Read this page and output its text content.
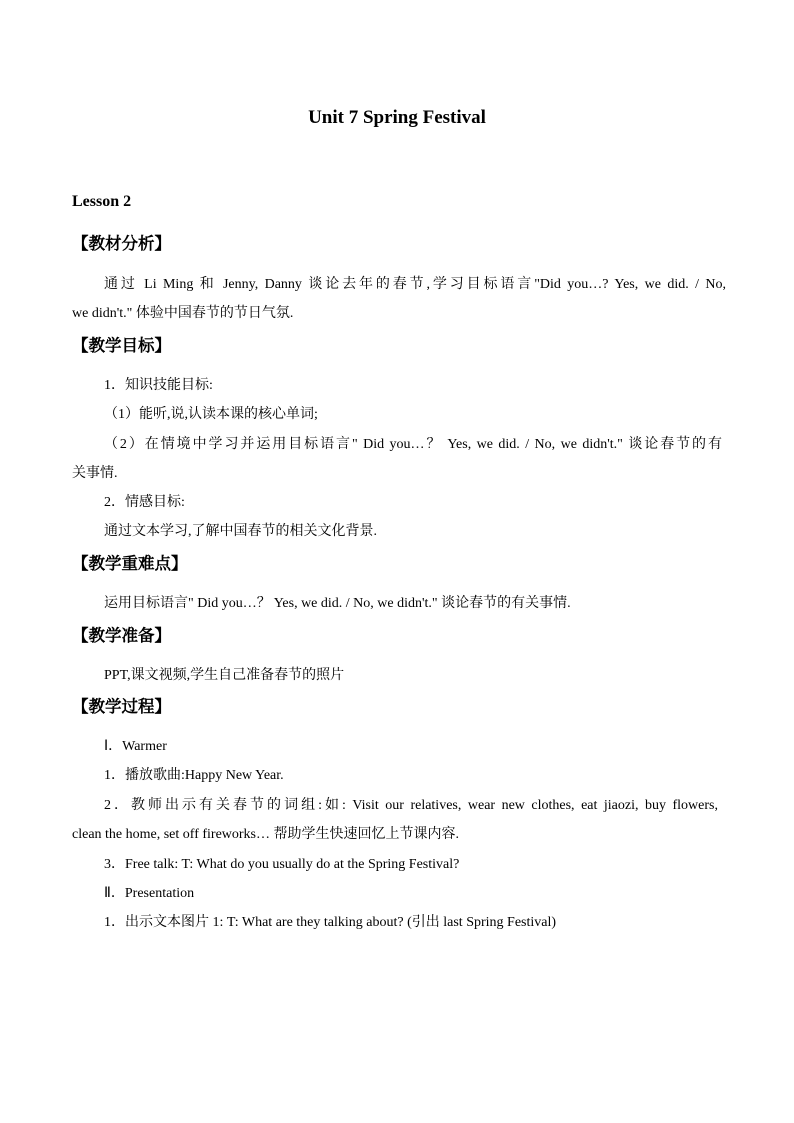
Unit 7 Spring Festival
Lesson 2
【教材分析】
通过 Li Ming 和 Jenny, Danny 谈论去年的春节,学习目标语言"Did you…? Yes, we did. / No,
we didn't." 体验中国春节的节日气氛.
【教学目标】
1．知识技能目标:
（1）能听,说,认读本课的核心单词;
（2）在情境中学习并运用目标语言" Did you…？ Yes, we did. / No, we didn't." 谈论春节的有
关事情.
2．情感目标:
通过文本学习,了解中国春节的相关文化背景.
【教学重难点】
运用目标语言" Did you…？ Yes, we did. / No, we didn't." 谈论春节的有关事情.
【教学准备】
PPT,课文视频,学生自己准备春节的照片
【教学过程】
Ⅰ．Warmer
1．播放歌曲:Happy New Year.
2．教师出示有关春节的词组:如: Visit our relatives, wear new clothes, eat jiaozi, buy flowers,
clean the home, set off fireworks… 帮助学生快速回忆上节课内容.
3．Free talk: T: What do you usually do at the Spring Festival?
Ⅱ．Presentation
1．出示文本图片 1: T: What are they talking about? (引出 last Spring Festival)
